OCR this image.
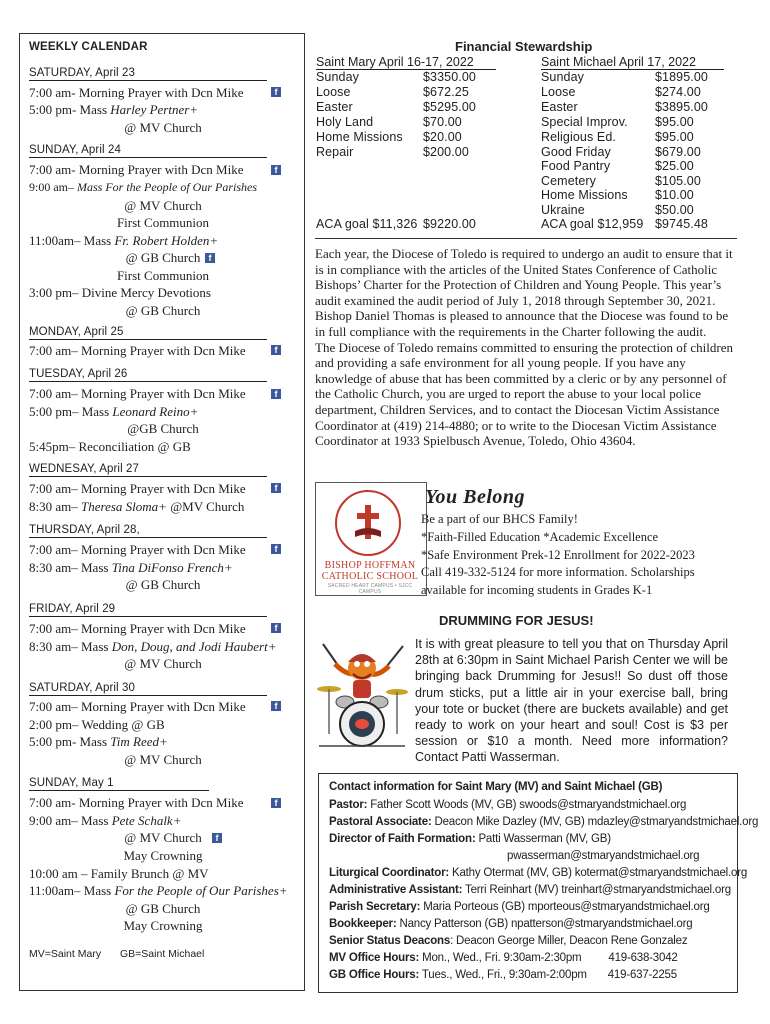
WEEKLY CALENDAR
SATURDAY, April 23
7:00 am- Morning Prayer with Dcn Mike	f
5:00 pm- Mass Harley Pertner+
@ MV Church
SUNDAY, April 24
7:00 am- Morning Prayer with Dcn Mike	f
9:00 am– Mass For the People of Our Parishes
@ MV Church
First Communion
11:00am– Mass Fr. Robert Holden+
@ GB Church f
First Communion
3:00 pm– Divine Mercy Devotions
@ GB Church
MONDAY, April 25
7:00 am– Morning Prayer with Dcn Mike	f
TUESDAY, April 26
7:00 am– Morning Prayer with Dcn Mike	f
5:00 pm– Mass Leonard Reino+
@GB Church
5:45pm– Reconciliation @ GB
WEDNESAY, April 27
7:00 am– Morning Prayer with Dcn Mike	f
8:30 am– Theresa Sloma+ @MV Church
THURSDAY, April 28,
7:00 am– Morning Prayer with Dcn Mike	f
8:30 am– Mass Tina DiFonso French+
@ GB Church
FRIDAY, April 29
7:00 am– Morning Prayer with Dcn Mike	f
8:30 am– Mass Don, Doug, and Jodi Haubert+
@ MV Church
SATURDAY, April 30
7:00 am– Morning Prayer with Dcn Mike	f
2:00 pm– Wedding @ GB
5:00 pm- Mass Tim Reed+
@ MV Church
SUNDAY, May 1
7:00 am- Morning Prayer with Dcn Mike	f
9:00 am– Mass Pete Schalk+
@ MV Church	f
May Crowning
10:00 am – Family Brunch @ MV
11:00am– Mass For the People of Our Parishes+
@ GB Church
May Crowning
MV=Saint Mary GB=Saint Michael
Financial Stewardship
Saint Mary April 16-17, 2022	Saint Michael April 17, 2022
Sunday	$3350.00
Loose	$672.25
Easter	$5295.00
Holy Land	$70.00
Home Missions $20.00
Repair	$200.00
ACA goal $11,326 $9220.00
Sunday	$1895.00
Loose	$274.00
Easter	$3895.00
Special Improv. $95.00
Religious Ed.	$95.00
Good Friday	$679.00
Food Pantry	$25.00
Cemetery	$105.00
Home Missions $10.00
Ukraine	$50.00
ACA goal $12,959 $9745.48

Each year, the Diocese of Toledo is required to undergo an audit to ensure that it is in compliance with the articles of the United States Conference of Catholic Bishops’ Charter for the Protection of Children and Young People. This year’s audit examined the audit period of July 1, 2018 through September 30, 2021. Bishop Daniel Thomas is pleased to announce that the Diocese was found to be in full compliance with the requirements in the Charter following the audit.

The Diocese of Toledo remains committed to ensuring the protection of children and providing a safe environment for all young people. If you have any knowledge of abuse that has been committed by a cleric or by any personnel of the Catholic Church, you are urged to report the abuse to your local police department, Children Services, and to contact the Diocesan Victim Assistance Coordinator at (419) 214-4880; or to write to the Diocesan Victim Assistance Coordinator at 1933 Spielbusch Avenue, Toledo, Ohio 43604.

BISHOP HOFFMAN
CATHOLIC SCHOOL
SACRED HEART CAMPUS • SJCC CAMPUS
You Belong
Be a part of our BHCS Family!
*Faith-Filled Education *Academic Excellence
*Safe Environment Prek-12 Enrollment for 2022-2023
Call 419-332-5124 for more information. Scholarships
available for incoming students in Grades K-1
DRUMMING FOR JESUS!
It is with great pleasure to tell you that on Thursday April 28th at 6:30pm in Saint Michael Parish Center we will be bringing back Drumming for Jesus!! So dust off those drum sticks, put a little air in your exercise ball, bring your tote or bucket (there are buckets available) and get ready to work on your heart and soul! Cost is $3 per session or $10 a month. Need more information? Contact Patti Wasserman.
Contact information for Saint Mary (MV) and Saint Michael (GB)
Pastor: Father Scott Woods (MV, GB) swoods@stmaryandstmichael.org
Pastoral Associate: Deacon Mike Dazley (MV, GB) mdazley@stmaryandstmichael.org
Director of Faith Formation: Patti Wasserman (MV, GB)
pwasserman@stmaryandstmichael.org
Liturgical Coordinator: Kathy Otermat (MV, GB) kotermat@stmaryandstmichael.org
Administrative Assistant: Terri Reinhart (MV) treinhart@stmaryandstmichael.org
Parish Secretary: Maria Porteous (GB) mporteous@stmaryandstmichael.org
Bookkeeper: Nancy Patterson (GB) npatterson@stmaryandstmichael.org
Senior Status Deacons: Deacon George Miller, Deacon Rene Gonzalez
MV Office Hours: Mon., Wed., Fri. 9:30am-2:30pm         419-638-3042
GB Office Hours: Tues., Wed., Fri., 9:30am-2:00pm       419-637-2255
